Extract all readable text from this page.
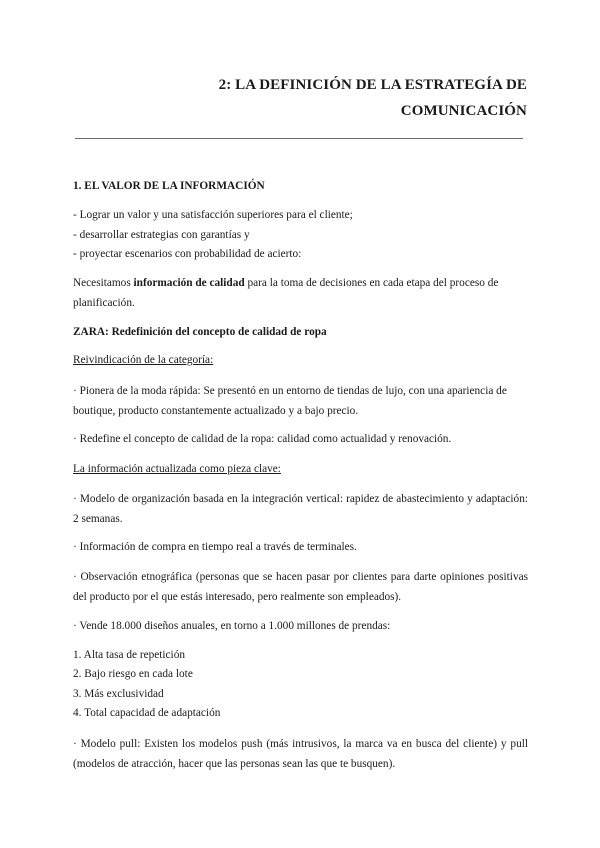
2: LA DEFINICIÓN DE LA ESTRATEGÍA DE
COMUNICACIÓN

1. EL VALOR DE LA INFORMACIÓN

- Lograr un valor y una satisfacción superiores para el cliente;

- desarrollar estrategias con garantías y

- proyectar escenarios con probabilidad de acierto:

Necesitamos información de calidad para la toma de decisiones en cada etapa del proceso de planificación.

ZARA: Redefinición del concepto de calidad de ropa

Reivindicación de la categoría:

· Pionera de la moda rápida: Se presentó en un entorno de tiendas de lujo, con una apariencia de boutique, producto constantemente actualizado y a bajo precio.

· Redefine el concepto de calidad de la ropa: calidad como actualidad y renovación.

La información actualizada como pieza clave:

· Modelo de organización basada en la integración vertical: rapidez de abastecimiento y adaptación: 2 semanas.

· Información de compra en tiempo real a través de terminales.

· Observación etnográfica (personas que se hacen pasar por clientes para darte opiniones positivas del producto por el que estás interesado, pero realmente son empleados).

· Vende 18.000 diseños anuales, en torno a 1.000 millones de prendas:

1. Alta tasa de repetición

2. Bajo riesgo en cada lote

3. Más exclusividad

4. Total capacidad de adaptación

· Modelo pull: Existen los modelos push (más intrusivos, la marca va en busca del cliente) y pull (modelos de atracción, hacer que las personas sean las que te busquen).
